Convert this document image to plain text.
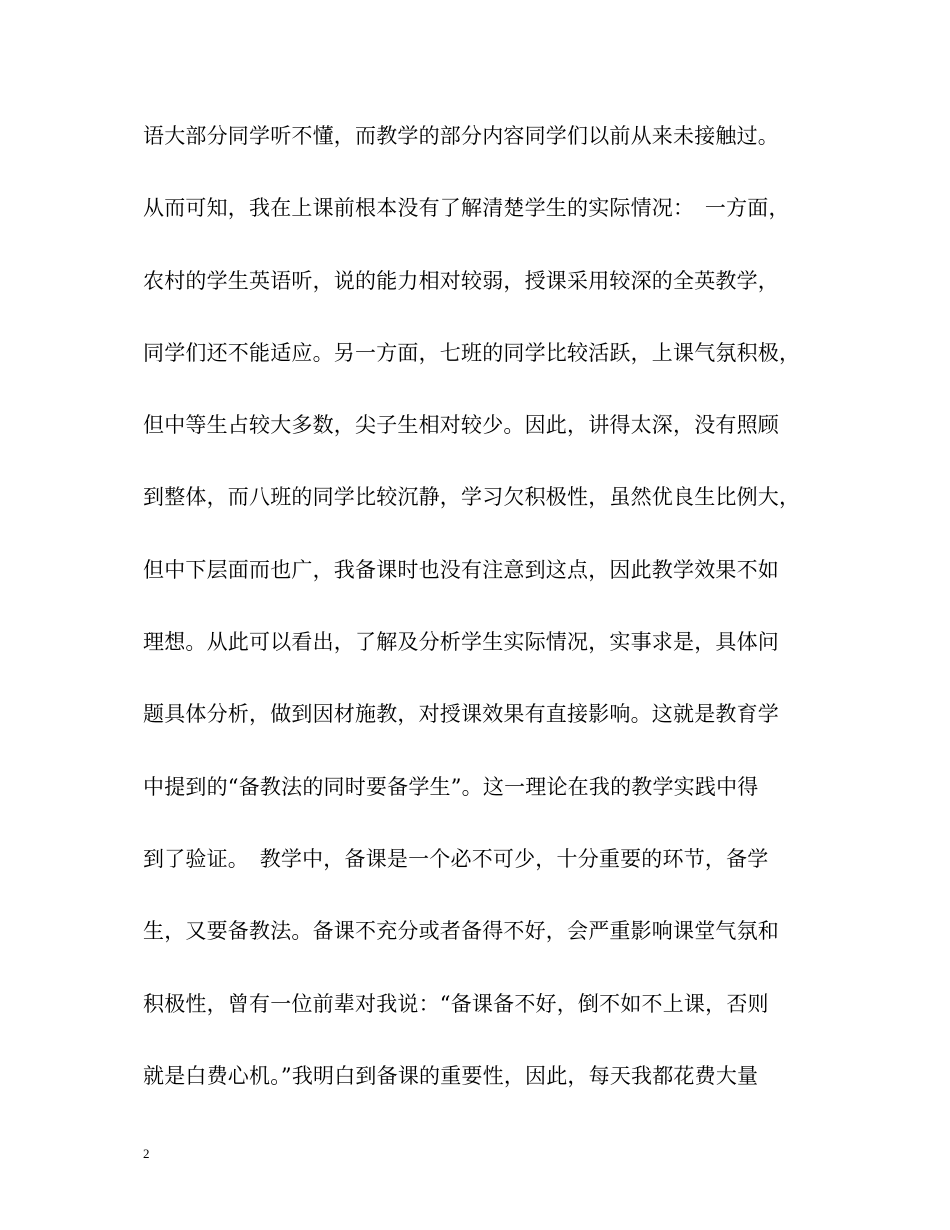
语大部分同学听不懂，而教学的部分内容同学们以前从来未接触过。
从而可知，我在上课前根本没有了解清楚学生的实际情况：　一方面，
农村的学生英语听，说的能力相对较弱，授课采用较深的全英教学，
同学们还不能适应。另一方面，七班的同学比较活跃，上课气氛积极，
但中等生占较大多数，尖子生相对较少。因此，讲得太深，没有照顾
到整体，而八班的同学比较沉静，学习欠积极性，虽然优良生比例大，
但中下层面而也广，我备课时也没有注意到这点，因此教学效果不如
理想。从此可以看出，了解及分析学生实际情况，实事求是，具体问
题具体分析，做到因材施教，对授课效果有直接影响。这就是教育学
中提到的“备教法的同时要备学生”。这一理论在我的教学实践中得
到了验证。　教学中，备课是一个必不可少，十分重要的环节，备学
生，又要备教法。备课不充分或者备得不好，会严重影响课堂气氛和
积极性，曾有一位前辈对我说：“备课备不好，倒不如不上课，否则
就是白费心机。”我明白到备课的重要性，因此，每天我都花费大量
2
